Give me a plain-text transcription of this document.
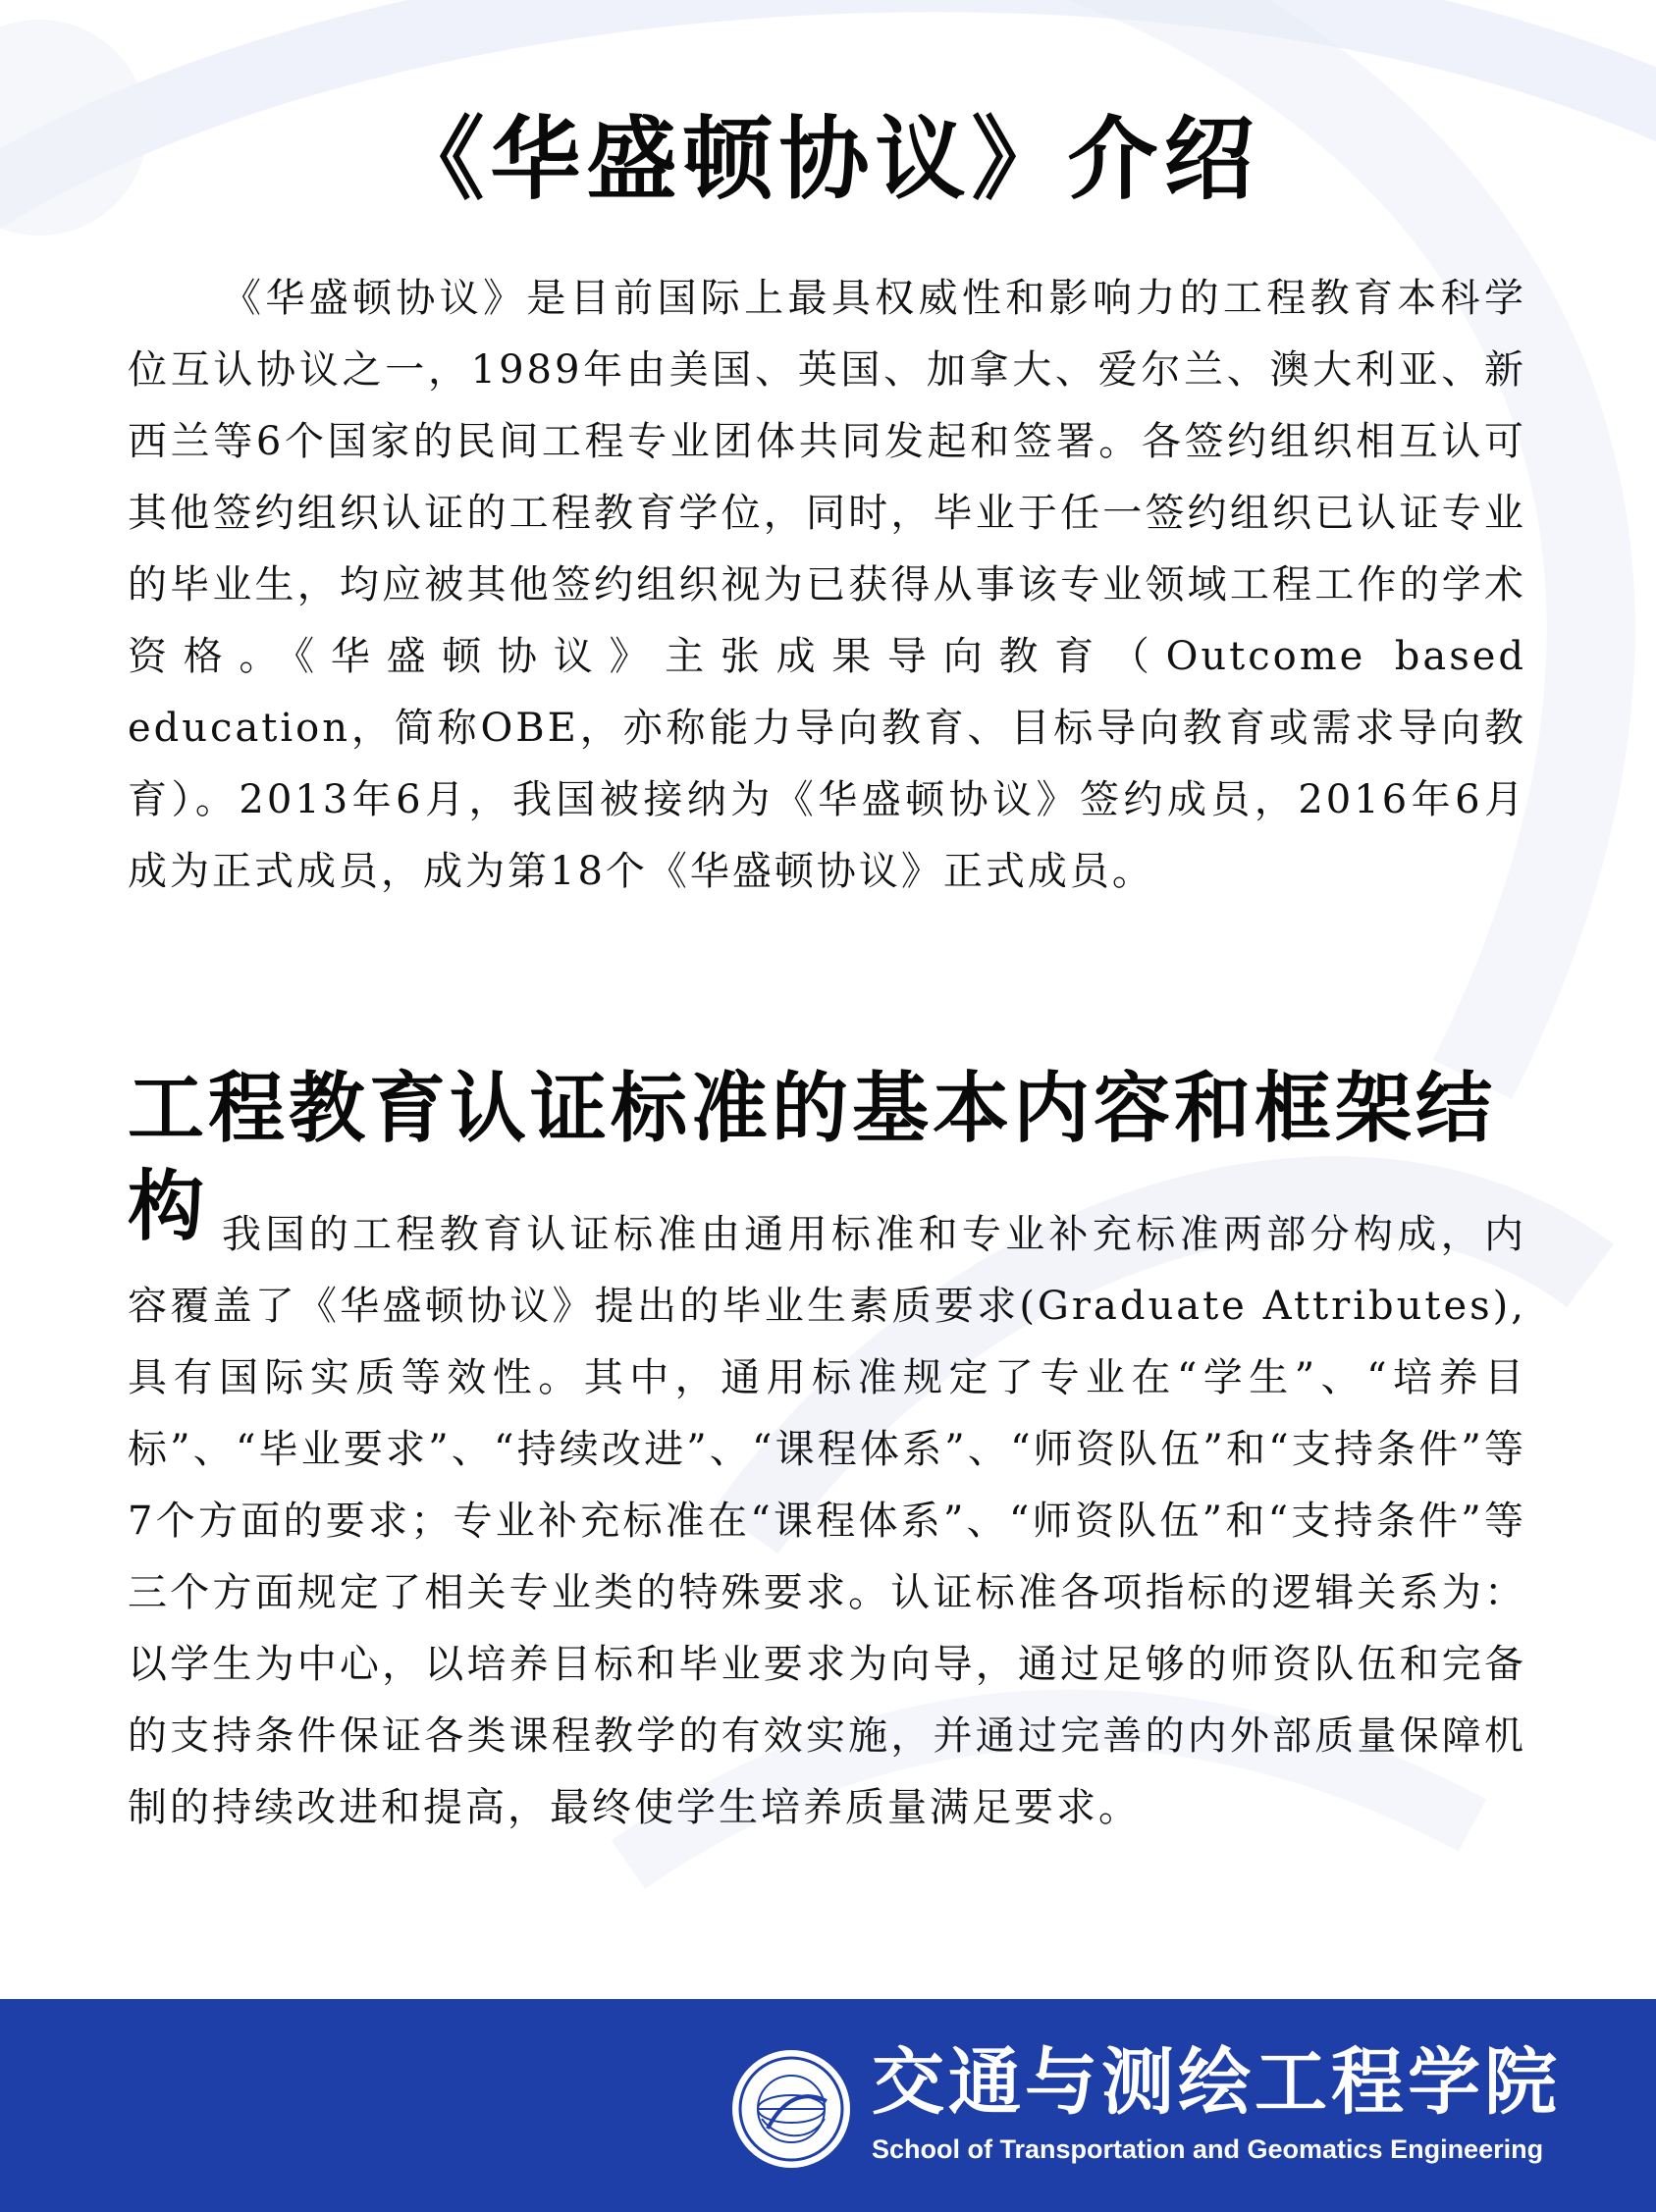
《华盛顿协议》介绍

《华盛顿协议》是目前国际上最具权威性和影响力的工程教育本科学位互认协议之一，1989年由美国、英国、加拿大、爱尔兰、澳大利亚、新西兰等6个国家的民间工程专业团体共同发起和签署。各签约组织相互认可其他签约组织认证的工程教育学位，同时，毕业于任一签约组织已认证专业的毕业生，均应被其他签约组织视为已获得从事该专业领域工程工作的学术资格。《华盛顿协议》主张成果导向教育（Outcome based education，简称OBE，亦称能力导向教育、目标导向教育或需求导向教育）。2013年6月，我国被接纳为《华盛顿协议》签约成员，2016年6月成为正式成员，成为第18个《华盛顿协议》正式成员。

工程教育认证标准的基本内容和框架结构 我国的工程教育认证标准由通用标准和专业补充标准两部分构成，内容覆盖了《华盛顿协议》提出的毕业生素质要求(Graduate Attributes),具有国际实质等效性。其中，通用标准规定了专业在“学生”、“培养目标”、“毕业要求”、“持续改进”、“课程体系”、“师资队伍”和“支持条件”等7个方面的要求；专业补充标准在“课程体系”、“师资队伍”和“支持条件”等三个方面规定了相关专业类的特殊要求。认证标准各项指标的逻辑关系为：以学生为中心，以培养目标和毕业要求为向导，通过足够的师资队伍和完备的支持条件保证各类课程教学的有效实施，并通过完善的内外部质量保障机制的持续改进和提高，最终使学生培养质量满足要求。

交通与测绘工程学院
School of Transportation and Geomatics Engineering
